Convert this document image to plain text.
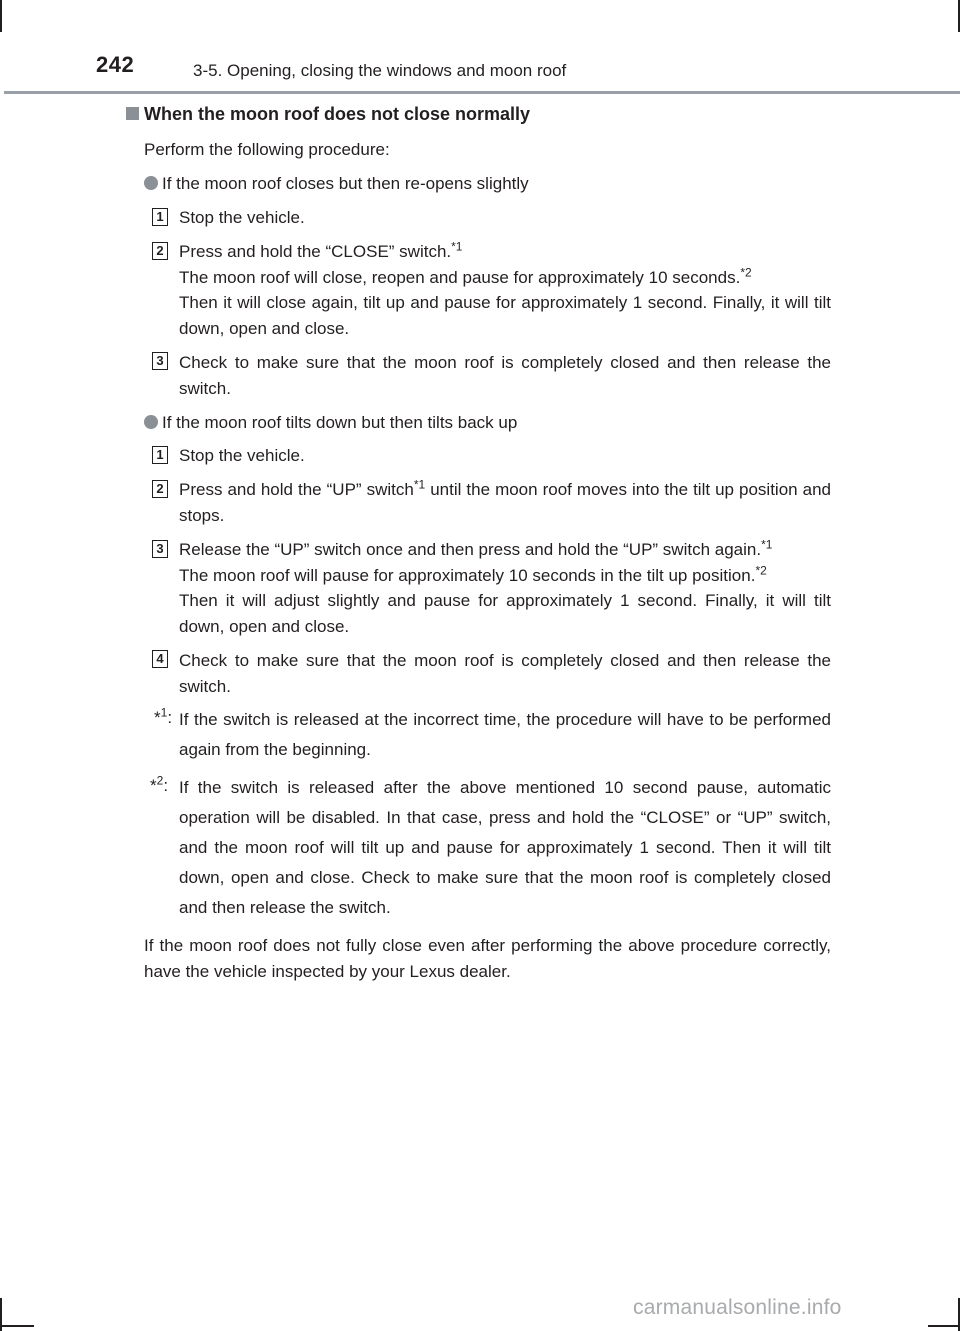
242	3-5. Opening, closing the windows and moon roof
When the moon roof does not close normally
Perform the following procedure:
If the moon roof closes but then re-opens slightly
1 Stop the vehicle.
2 Press and hold the “CLOSE” switch.$^{*1}$
The moon roof will close, reopen and pause for approximately 10 seconds.$^{*2}$
Then it will close again, tilt up and pause for approximately 1 second. Finally, it will tilt down, open and close.
3 Check to make sure that the moon roof is completely closed and then release the switch.
If the moon roof tilts down but then tilts back up
1 Stop the vehicle.
2 Press and hold the “UP” switch$^{*1}$ until the moon roof moves into the tilt up position and stops.
3 Release the “UP” switch once and then press and hold the “UP” switch again.$^{*1}$
The moon roof will pause for approximately 10 seconds in the tilt up position.$^{*2}$
Then it will adjust slightly and pause for approximately 1 second. Finally, it will tilt down, open and close.
4 Check to make sure that the moon roof is completely closed and then release the switch.
*$^1$: If the switch is released at the incorrect time, the procedure will have to be performed again from the beginning.
*$^2$: If the switch is released after the above mentioned 10 second pause, automatic operation will be disabled. In that case, press and hold the “CLOSE” or “UP” switch, and the moon roof will tilt up and pause for approximately 1 second. Then it will tilt down, open and close. Check to make sure that the moon roof is completely closed and then release the switch.
If the moon roof does not fully close even after performing the above procedure correctly, have the vehicle inspected by your Lexus dealer.
carmanualsonline.info
